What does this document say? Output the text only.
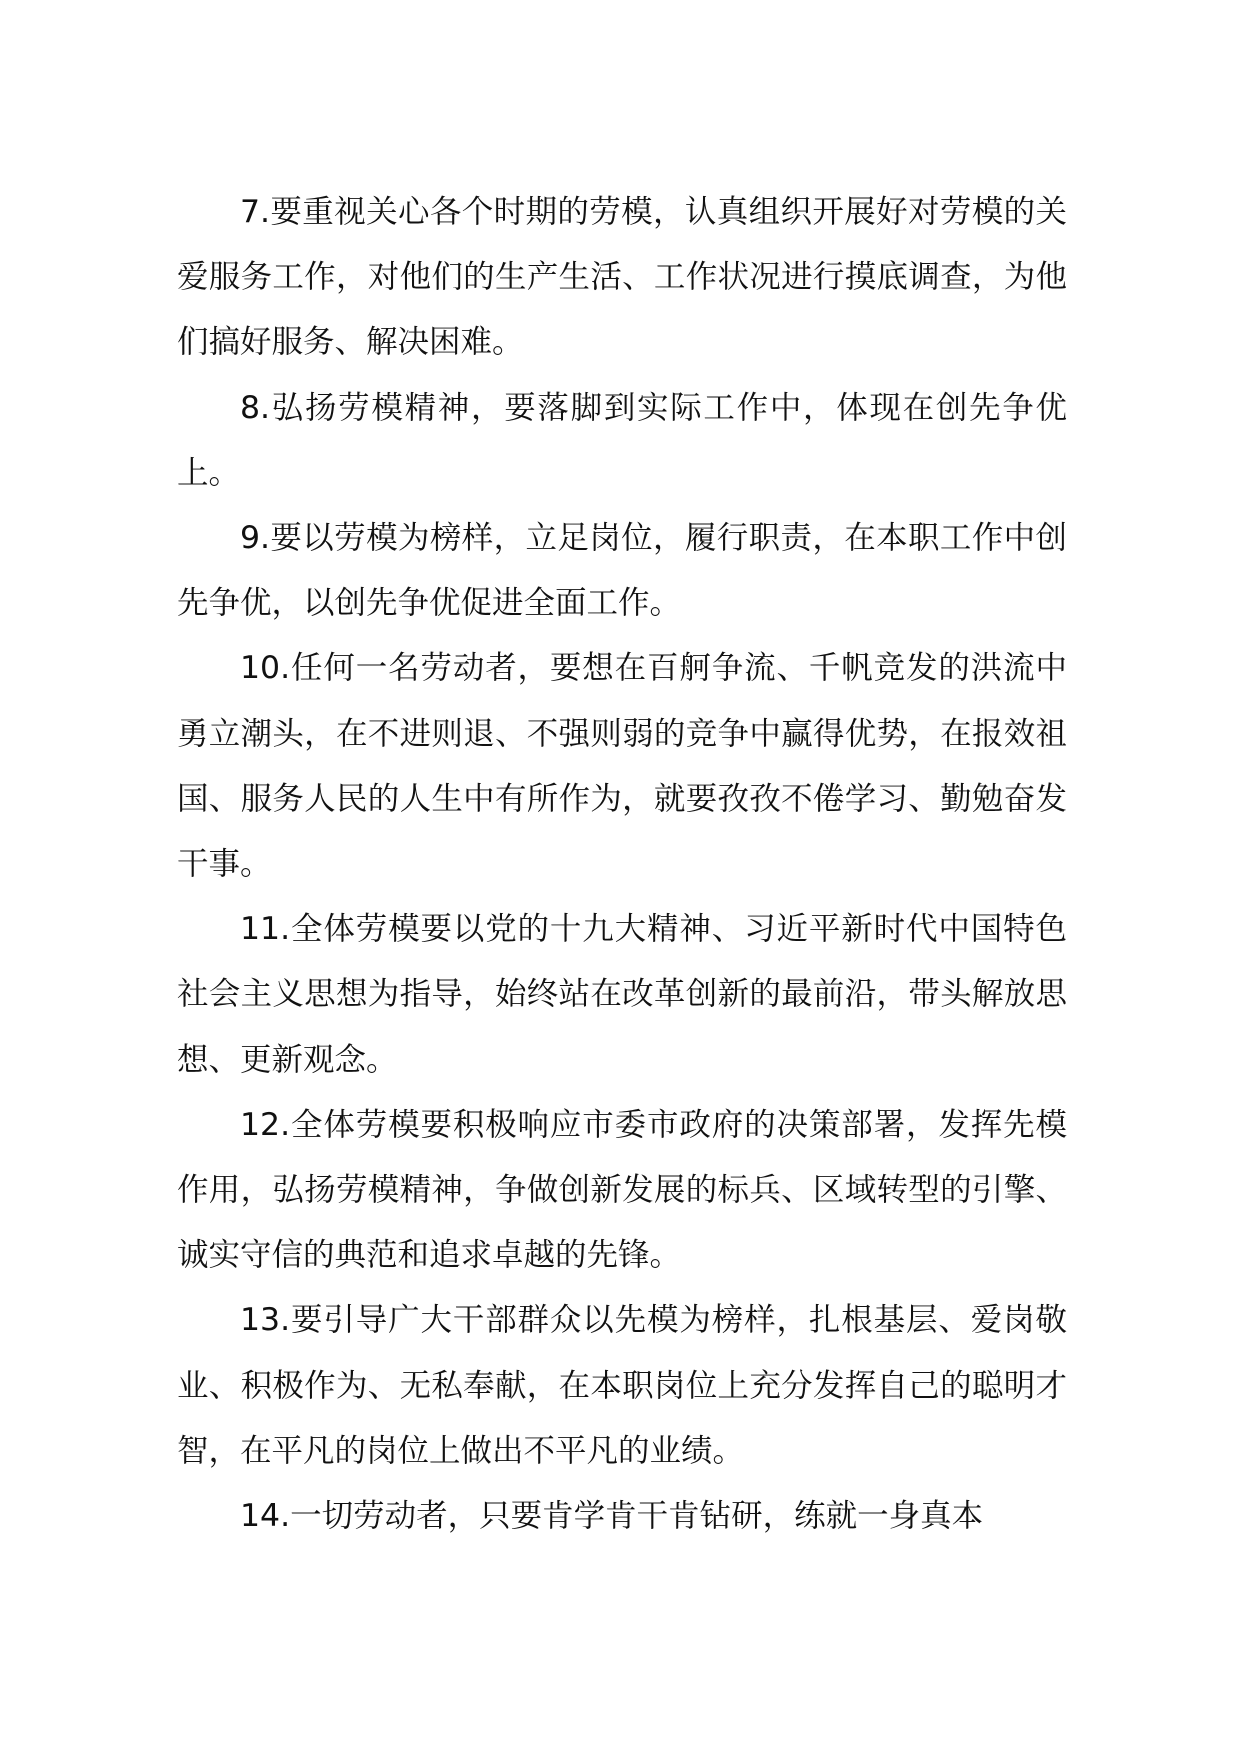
7.要重视关心各个时期的劳模，认真组织开展好对劳模的关爱服务工作，对他们的生产生活、工作状况进行摸底调查，为他们搞好服务、解决困难。

8.弘扬劳模精神，要落脚到实际工作中，体现在创先争优上。

9.要以劳模为榜样，立足岗位，履行职责，在本职工作中创先争优，以创先争优促进全面工作。

10.任何一名劳动者，要想在百舸争流、千帆竞发的洪流中勇立潮头，在不进则退、不强则弱的竞争中赢得优势，在报效祖国、服务人民的人生中有所作为，就要孜孜不倦学习、勤勉奋发干事。

11.全体劳模要以党的十九大精神、习近平新时代中国特色社会主义思想为指导，始终站在改革创新的最前沿，带头解放思想、更新观念。

12.全体劳模要积极响应市委市政府的决策部署，发挥先模作用，弘扬劳模精神，争做创新发展的标兵、区域转型的引擎、诚实守信的典范和追求卓越的先锋。

13.要引导广大干部群众以先模为榜样，扎根基层、爱岗敬业、积极作为、无私奉献，在本职岗位上充分发挥自己的聪明才智，在平凡的岗位上做出不平凡的业绩。

14.一切劳动者，只要肯学肯干肯钻研，练就一身真本
